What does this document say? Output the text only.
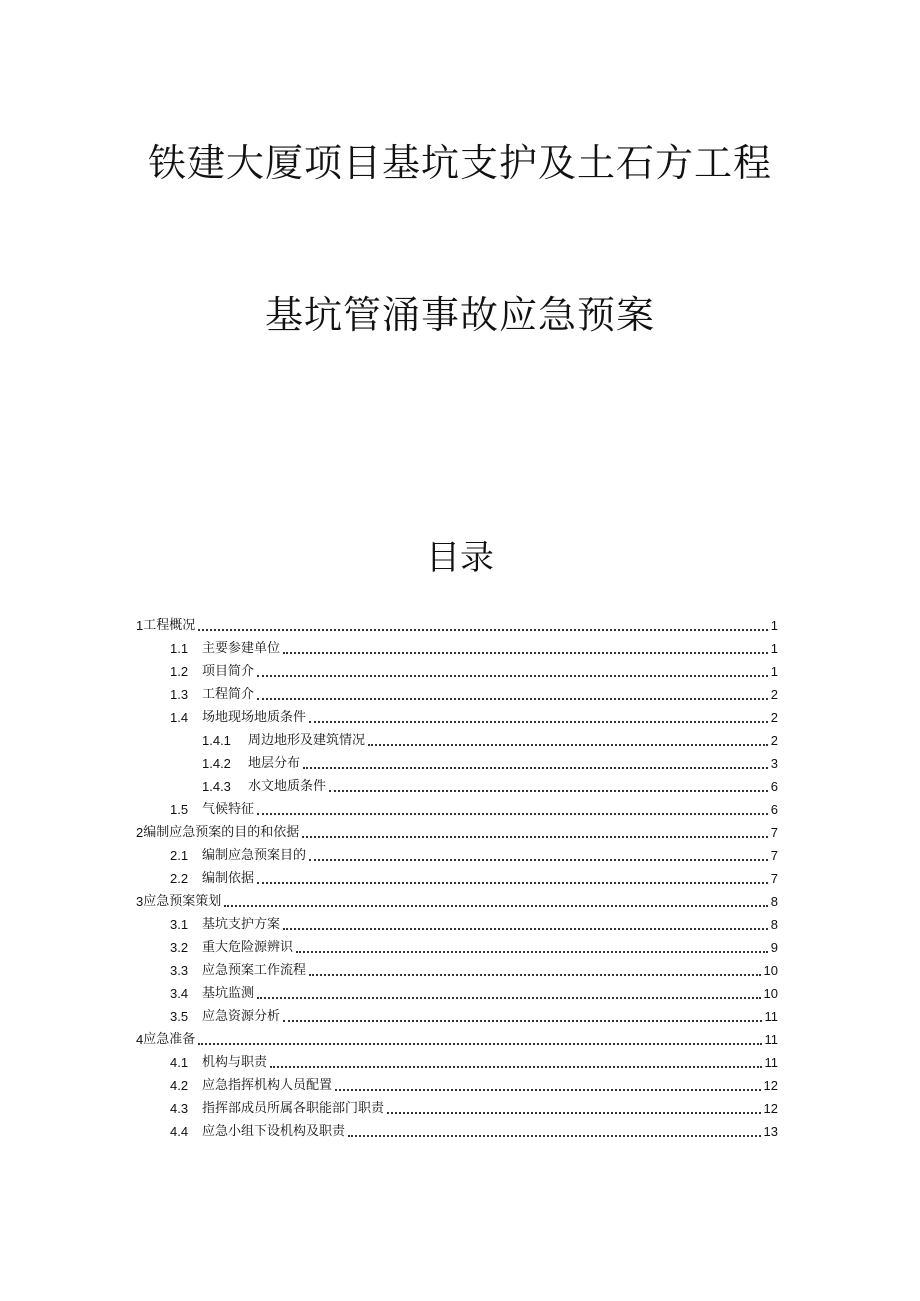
铁建大厦项目基坑支护及土石方工程
基坑管涌事故应急预案
目录
1 工程概况	1
1.1	主要参建单位	1
1.2	项目简介	1
1.3	工程简介	2
1.4	场地现场地质条件	2
1.4.1	周边地形及建筑情况	2
1.4.2	地层分布	3
1.4.3	水文地质条件	6
1.5	气候特征	6
2 编制应急预案的目的和依据	7
2.1	编制应急预案目的	7
2.2	编制依据	7
3 应急预案策划	8
3.1	基坑支护方案	8
3.2	重大危险源辨识	9
3.3	应急预案工作流程	10
3.4	基坑监测	10
3.5	应急资源分析	11
4 应急准备	11
4.1	机构与职责	11
4.2	应急指挥机构人员配置	12
4.3	指挥部成员所属各职能部门职责	12
4.4	应急小组下设机构及职责	13
